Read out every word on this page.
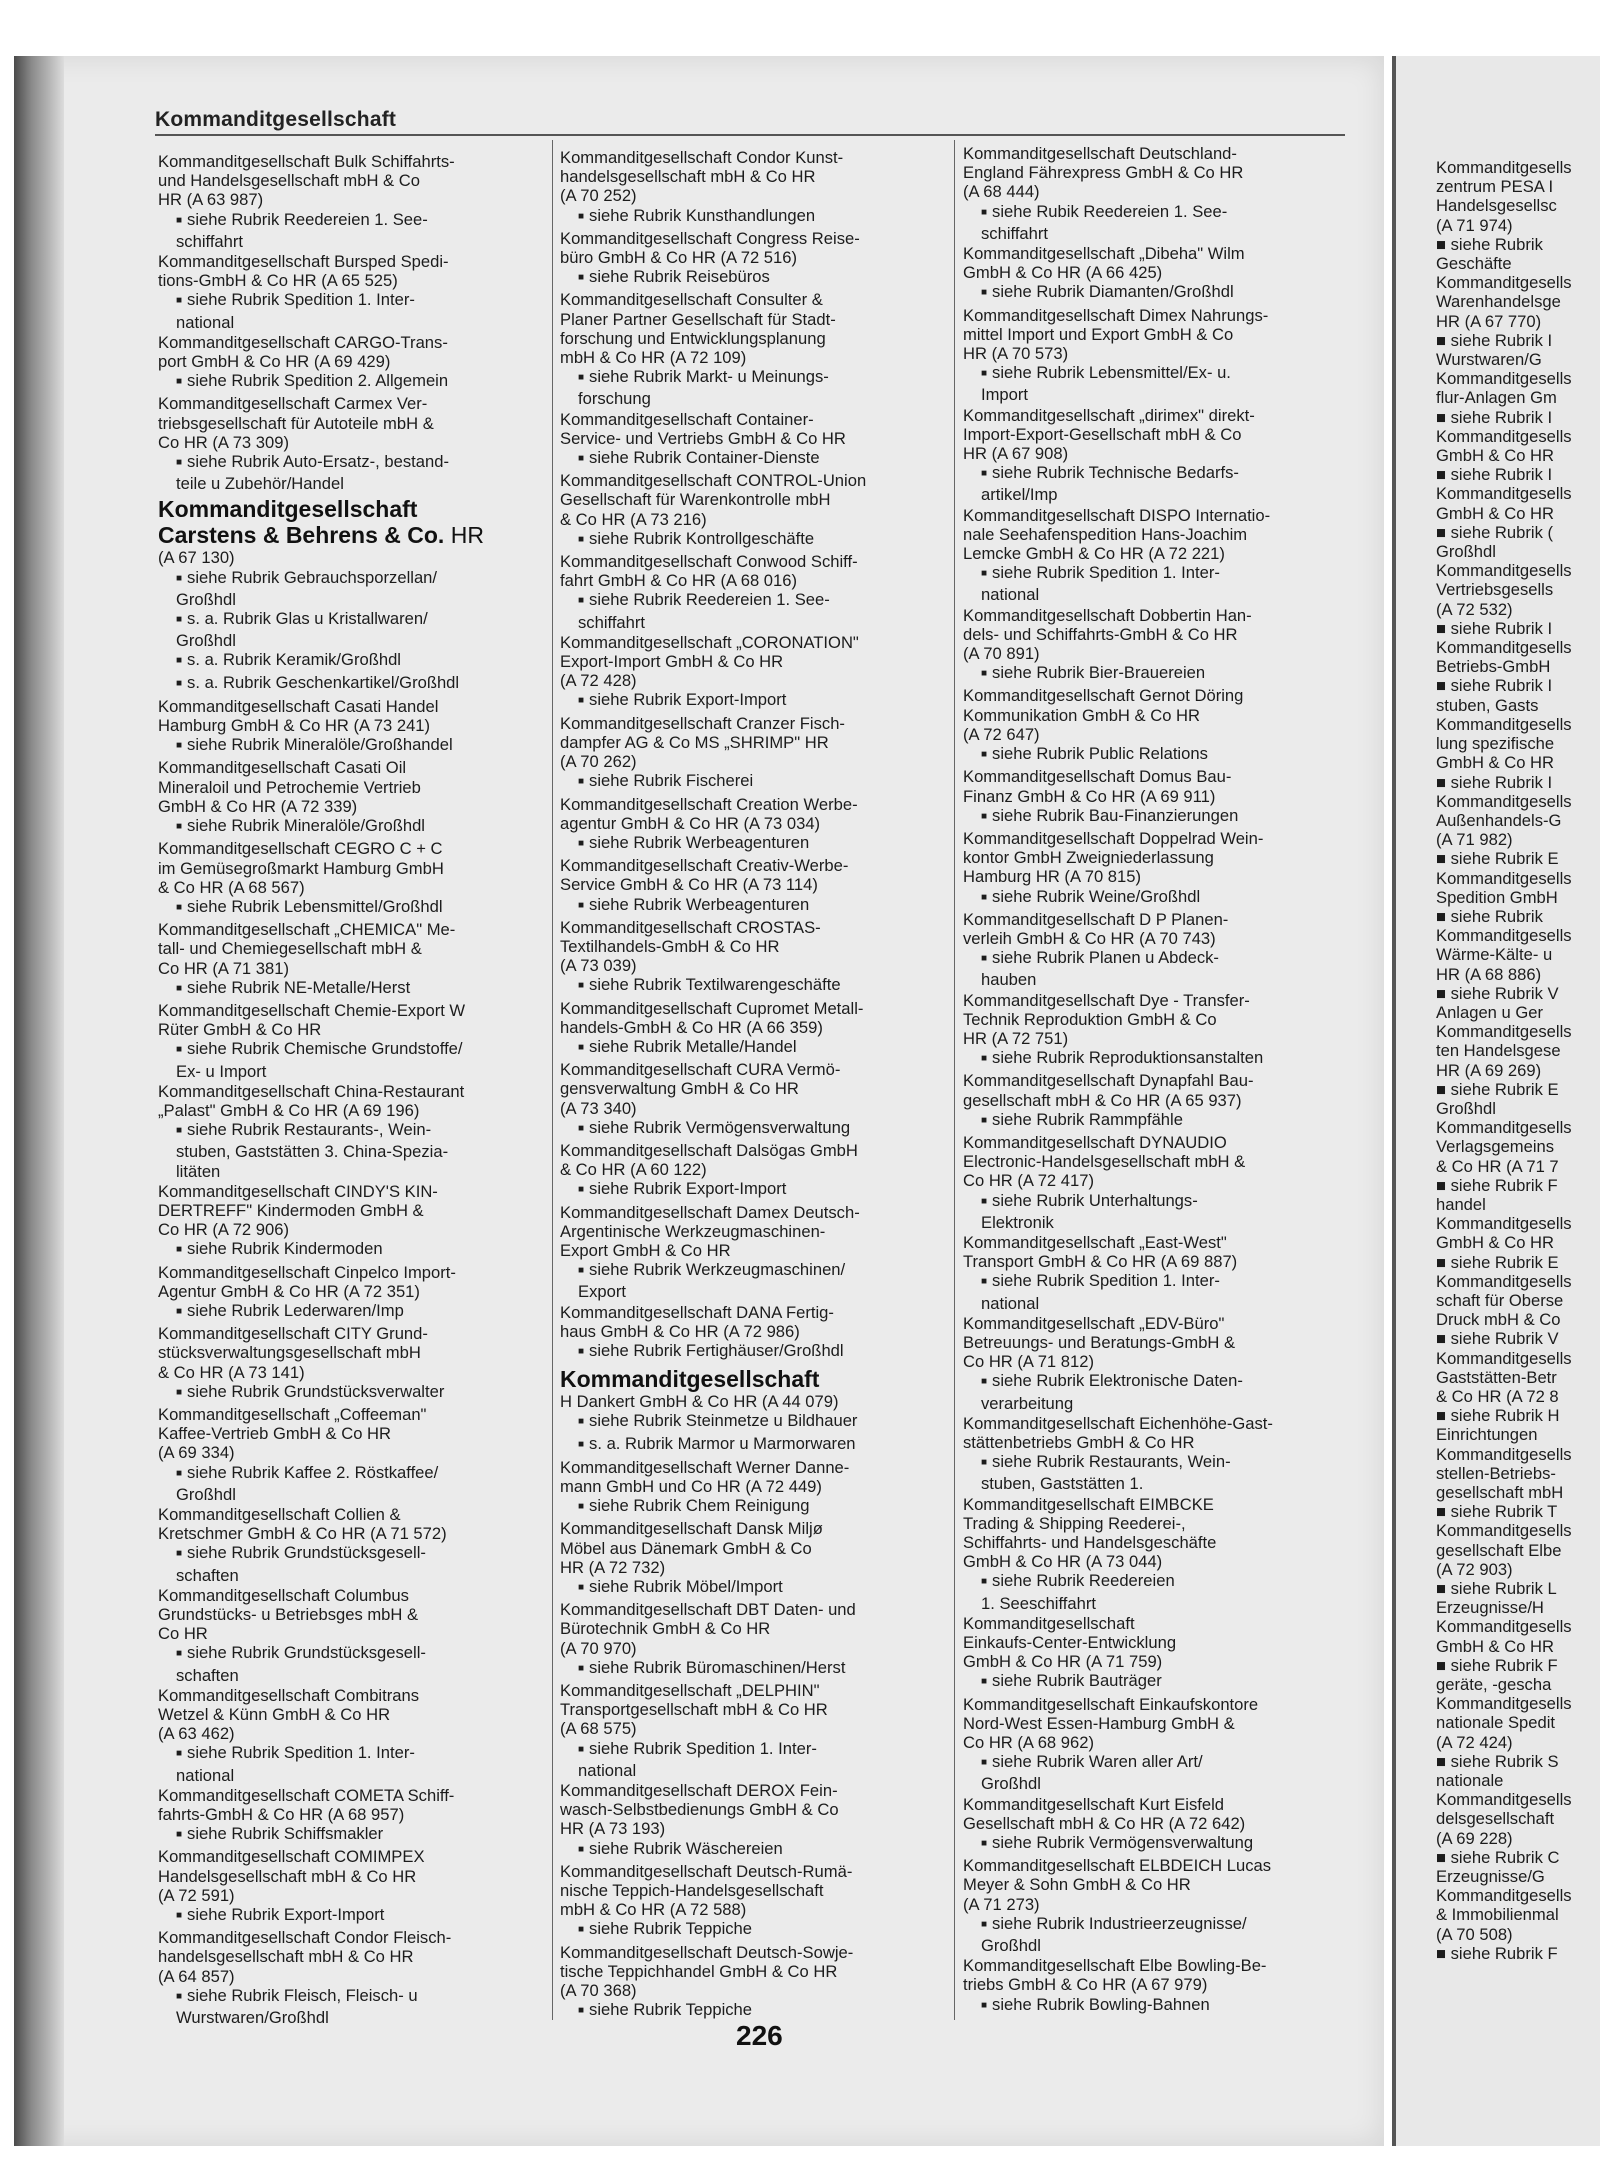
Kommanditgesellschaft
Kommanditgesellschaft Bulk Schiffahrts-
und Handelsgesellschaft mbH & Co
HR (A 63 987)
■ siehe Rubrik Reedereien 1. See-
schiffahrt
Kommanditgesellschaft Bursped Spedi-
tions-GmbH & Co HR (A 65 525)
■ siehe Rubrik Spedition 1. Inter-
national
Kommanditgesellschaft CARGO-Trans-
port GmbH & Co HR (A 69 429)
■ siehe Rubrik Spedition 2. Allgemein
Kommanditgesellschaft Carmex Ver-
triebsgesellschaft für Autoteile mbH &
Co HR (A 73 309)
■ siehe Rubrik Auto-Ersatz-, bestand-
teile u Zubehör/Handel
Kommanditgesellschaft
Carstens & Behrens & Co. HR
(A 67 130)
■ siehe Rubrik Gebrauchsporzellan/
Großhdl
■ s. a. Rubrik Glas u Kristallwaren/
Großhdl
■ s. a. Rubrik Keramik/Großhdl
■ s. a. Rubrik Geschenkartikel/Großhdl
Kommanditgesellschaft Casati Handel
Hamburg GmbH & Co HR (A 73 241)
■ siehe Rubrik Mineralöle/Großhandel
Kommanditgesellschaft Casati Oil
Mineraloil und Petrochemie Vertrieb
GmbH & Co HR (A 72 339)
■ siehe Rubrik Mineralöle/Großhdl
Kommanditgesellschaft CEGRO C + C
im Gemüsegroßmarkt Hamburg GmbH
& Co HR (A 68 567)
■ siehe Rubrik Lebensmittel/Großhdl
Kommanditgesellschaft „CHEMICA" Me-
tall- und Chemiegesellschaft mbH &
Co HR (A 71 381)
■ siehe Rubrik NE-Metalle/Herst
Kommanditgesellschaft Chemie-Export W
Rüter GmbH & Co HR
■ siehe Rubrik Chemische Grundstoffe/
Ex- u Import
Kommanditgesellschaft China-Restaurant
„Palast" GmbH & Co HR (A 69 196)
■ siehe Rubrik Restaurants-, Wein-
stuben, Gaststätten 3. China-Spezia-
litäten
Kommanditgesellschaft CINDY'S KIN-
DERTREFF" Kindermoden GmbH &
Co HR (A 72 906)
■ siehe Rubrik Kindermoden
Kommanditgesellschaft Cinpelco Import-
Agentur GmbH & Co HR (A 72 351)
■ siehe Rubrik Lederwaren/Imp
Kommanditgesellschaft CITY Grund-
stücksverwaltungsgesellschaft mbH
& Co HR (A 73 141)
■ siehe Rubrik Grundstücksverwalter
Kommanditgesellschaft „Coffeeman"
Kaffee-Vertrieb GmbH & Co HR
(A 69 334)
■ siehe Rubrik Kaffee 2. Röstkaffee/
Großhdl
Kommanditgesellschaft Collien &
Kretschmer GmbH & Co HR (A 71 572)
■ siehe Rubrik Grundstücksgesell-
schaften
Kommanditgesellschaft Columbus
Grundstücks- u Betriebsges mbH &
Co HR
■ siehe Rubrik Grundstücksgesell-
schaften
Kommanditgesellschaft Combitrans
Wetzel & Künn GmbH & Co HR
(A 63 462)
■ siehe Rubrik Spedition 1. Inter-
national
Kommanditgesellschaft COMETA Schiff-
fahrts-GmbH & Co HR (A 68 957)
■ siehe Rubrik Schiffsmakler
Kommanditgesellschaft COMIMPEX
Handelsgesellschaft mbH & Co HR
(A 72 591)
■ siehe Rubrik Export-Import
Kommanditgesellschaft Condor Fleisch-
handelsgesellschaft mbH & Co HR
(A 64 857)
■ siehe Rubrik Fleisch, Fleisch- u
Wurstwaren/Großhdl
Kommanditgesellschaft Condor Kunst-
handelsgesellschaft mbH & Co HR
(A 70 252)
■ siehe Rubrik Kunsthandlungen
Kommanditgesellschaft Congress Reise-
büro GmbH & Co HR (A 72 516)
■ siehe Rubrik Reisebüros
Kommanditgesellschaft Consulter &
Planer Partner Gesellschaft für Stadt-
forschung und Entwicklungsplanung
mbH & Co HR (A 72 109)
■ siehe Rubrik Markt- u Meinungs-
forschung
Kommanditgesellschaft Container-
Service- und Vertriebs GmbH & Co HR
■ siehe Rubrik Container-Dienste
Kommanditgesellschaft CONTROL-Union
Gesellschaft für Warenkontrolle mbH
& Co HR (A 73 216)
■ siehe Rubrik Kontrollgeschäfte
Kommanditgesellschaft Conwood Schiff-
fahrt GmbH & Co HR (A 68 016)
■ siehe Rubrik Reedereien 1. See-
schiffahrt
Kommanditgesellschaft „CORONATION"
Export-Import GmbH & Co HR
(A 72 428)
■ siehe Rubrik Export-Import
Kommanditgesellschaft Cranzer Fisch-
dampfer AG & Co MS „SHRIMP" HR
(A 70 262)
■ siehe Rubrik Fischerei
Kommanditgesellschaft Creation Werbe-
agentur GmbH & Co HR (A 73 034)
■ siehe Rubrik Werbeagenturen
Kommanditgesellschaft Creativ-Werbe-
Service GmbH & Co HR (A 73 114)
■ siehe Rubrik Werbeagenturen
Kommanditgesellschaft CROSTAS-
Textilhandels-GmbH & Co HR
(A 73 039)
■ siehe Rubrik Textilwarengeschäfte
Kommanditgesellschaft Cupromet Metall-
handels-GmbH & Co HR (A 66 359)
■ siehe Rubrik Metalle/Handel
Kommanditgesellschaft CURA Vermö-
gensverwaltung GmbH & Co HR
(A 73 340)
■ siehe Rubrik Vermögensverwaltung
Kommanditgesellschaft Dalsögas GmbH
& Co HR (A 60 122)
■ siehe Rubrik Export-Import
Kommanditgesellschaft Damex Deutsch-
Argentinische Werkzeugmaschinen-
Export GmbH & Co HR
■ siehe Rubrik Werkzeugmaschinen/
Export
Kommanditgesellschaft DANA Fertig-
haus GmbH & Co HR (A 72 986)
■ siehe Rubrik Fertighäuser/Großhdl
Kommanditgesellschaft
H Dankert GmbH & Co HR (A 44 079)
■ siehe Rubrik Steinmetze u Bildhauer
■ s. a. Rubrik Marmor u Marmorwaren
Kommanditgesellschaft Werner Danne-
mann GmbH und Co HR (A 72 449)
■ siehe Rubrik Chem Reinigung
Kommanditgesellschaft Dansk Miljø
Möbel aus Dänemark GmbH & Co
HR (A 72 732)
■ siehe Rubrik Möbel/Import
Kommanditgesellschaft DBT Daten- und
Bürotechnik GmbH & Co HR
(A 70 970)
■ siehe Rubrik Büromaschinen/Herst
Kommanditgesellschaft „DELPHIN"
Transportgesellschaft mbH & Co HR
(A 68 575)
■ siehe Rubrik Spedition 1. Inter-
national
Kommanditgesellschaft DEROX Fein-
wasch-Selbstbedienungs GmbH & Co
HR (A 73 193)
■ siehe Rubrik Wäschereien
Kommanditgesellschaft Deutsch-Rumä-
nische Teppich-Handelsgesellschaft
mbH & Co HR (A 72 588)
■ siehe Rubrik Teppiche
Kommanditgesellschaft Deutsch-Sowje-
tische Teppichhandel GmbH & Co HR
(A 70 368)
■ siehe Rubrik Teppiche
Kommanditgesellschaft Deutschland-
England Fährexpress GmbH & Co HR
(A 68 444)
■ siehe Rubik Reedereien 1. See-
schiffahrt
Kommanditgesellschaft „Dibeha" Wilm
GmbH & Co HR (A 66 425)
■ siehe Rubrik Diamanten/Großhdl
Kommanditgesellschaft Dimex Nahrungs-
mittel Import und Export GmbH & Co
HR (A 70 573)
■ siehe Rubrik Lebensmittel/Ex- u.
Import
Kommanditgesellschaft „dirimex" direkt-
Import-Export-Gesellschaft mbH & Co
HR (A 67 908)
■ siehe Rubrik Technische Bedarfs-
artikel/Imp
Kommanditgesellschaft DISPO Internatio-
nale Seehafenspedition Hans-Joachim
Lemcke GmbH & Co HR (A 72 221)
■ siehe Rubrik Spedition 1. Inter-
national
Kommanditgesellschaft Dobbertin Han-
dels- und Schiffahrts-GmbH & Co HR
(A 70 891)
■ siehe Rubrik Bier-Brauereien
Kommanditgesellschaft Gernot Döring
Kommunikation GmbH & Co HR
(A 72 647)
■ siehe Rubrik Public Relations
Kommanditgesellschaft Domus Bau-
Finanz GmbH & Co HR (A 69 911)
■ siehe Rubrik Bau-Finanzierungen
Kommanditgesellschaft Doppelrad Wein-
kontor GmbH Zweigniederlassung
Hamburg HR (A 70 815)
■ siehe Rubrik Weine/Großhdl
Kommanditgesellschaft D P Planen-
verleih GmbH & Co HR (A 70 743)
■ siehe Rubrik Planen u Abdeck-
hauben
Kommanditgesellschaft Dye - Transfer-
Technik Reproduktion GmbH & Co
HR (A 72 751)
■ siehe Rubrik Reproduktionsanstalten
Kommanditgesellschaft Dynapfahl Bau-
gesellschaft mbH & Co HR (A 65 937)
■ siehe Rubrik Rammpfähle
Kommanditgesellschaft DYNAUDIO
Electronic-Handelsgesellschaft mbH &
Co HR (A 72 417)
■ siehe Rubrik Unterhaltungs-
Elektronik
Kommanditgesellschaft „East-West"
Transport GmbH & Co HR (A 69 887)
■ siehe Rubrik Spedition 1. Inter-
national
Kommanditgesellschaft „EDV-Büro"
Betreuungs- und Beratungs-GmbH &
Co HR (A 71 812)
■ siehe Rubrik Elektronische Daten-
verarbeitung
Kommanditgesellschaft Eichenhöhe-Gast-
stättenbetriebs GmbH & Co HR
■ siehe Rubrik Restaurants, Wein-
stuben, Gaststätten 1.
Kommanditgesellschaft EIMBCKE
Trading & Shipping Reederei-,
Schiffahrts- und Handelsgeschäfte
GmbH & Co HR (A 73 044)
■ siehe Rubrik Reedereien
1. Seeschiffahrt
Kommanditgesellschaft
Einkaufs-Center-Entwicklung
GmbH & Co HR (A 71 759)
■ siehe Rubrik Bauträger
Kommanditgesellschaft Einkaufskontore
Nord-West Essen-Hamburg GmbH &
Co HR (A 68 962)
■ siehe Rubrik Waren aller Art/
Großhdl
Kommanditgesellschaft Kurt Eisfeld
Gesellschaft mbH & Co HR (A 72 642)
■ siehe Rubrik Vermögensverwaltung
Kommanditgesellschaft ELBDEICH Lucas
Meyer & Sohn GmbH & Co HR
(A 71 273)
■ siehe Rubrik Industrieerzeugnisse/
Großhdl
Kommanditgesellschaft Elbe Bowling-Be-
triebs GmbH & Co HR (A 67 979)
■ siehe Rubrik Bowling-Bahnen
226
Kommanditgesells
zentrum PESA I
Handelsgesellsc
(A 71 974)
■ siehe Rubrik
Geschäfte
Kommanditgesells
Warenhandelsge
HR (A 67 770)
■ siehe Rubrik I
Wurstwaren/G
Kommanditgesells
flur-Anlagen Gm
■ siehe Rubrik I
Kommanditgesells
GmbH & Co HR
■ siehe Rubrik I
Kommanditgesells
GmbH & Co HR
■ siehe Rubrik (
Großhdl
Kommanditgesells
Vertriebsgesells
(A 72 532)
■ siehe Rubrik I
Kommanditgesells
Betriebs-GmbH
■ siehe Rubrik I
stuben, Gasts
Kommanditgesells
lung spezifische
GmbH & Co HR
■ siehe Rubrik I
Kommanditgesells
Außenhandels-G
(A 71 982)
■ siehe Rubrik E
Kommanditgesells
Spedition GmbH
■ siehe Rubrik
Kommanditgesells
Wärme-Kälte- u
HR (A 68 886)
■ siehe Rubrik V
Anlagen u Ger
Kommanditgesells
ten Handelsgese
HR (A 69 269)
■ siehe Rubrik E
Großhdl
Kommanditgesells
Verlagsgemeins
& Co HR (A 71 7
■ siehe Rubrik F
handel
Kommanditgesells
GmbH & Co HR
■ siehe Rubrik E
Kommanditgesells
schaft für Oberse
Druck mbH & Co
■ siehe Rubrik V
Kommanditgesells
Gaststätten-Betr
& Co HR (A 72 8
■ siehe Rubrik H
Einrichtungen
Kommanditgesells
stellen-Betriebs-
gesellschaft mbH
■ siehe Rubrik T
Kommanditgesells
gesellschaft Elbe
(A 72 903)
■ siehe Rubrik L
Erzeugnisse/H
Kommanditgesells
GmbH & Co HR
■ siehe Rubrik F
geräte, -gescha
Kommanditgesells
nationale Spedit
(A 72 424)
■ siehe Rubrik S
nationale
Kommanditgesells
delsgesellschaft
(A 69 228)
■ siehe Rubrik C
Erzeugnisse/G
Kommanditgesells
& Immobilienmal
(A 70 508)
■ siehe Rubrik F
